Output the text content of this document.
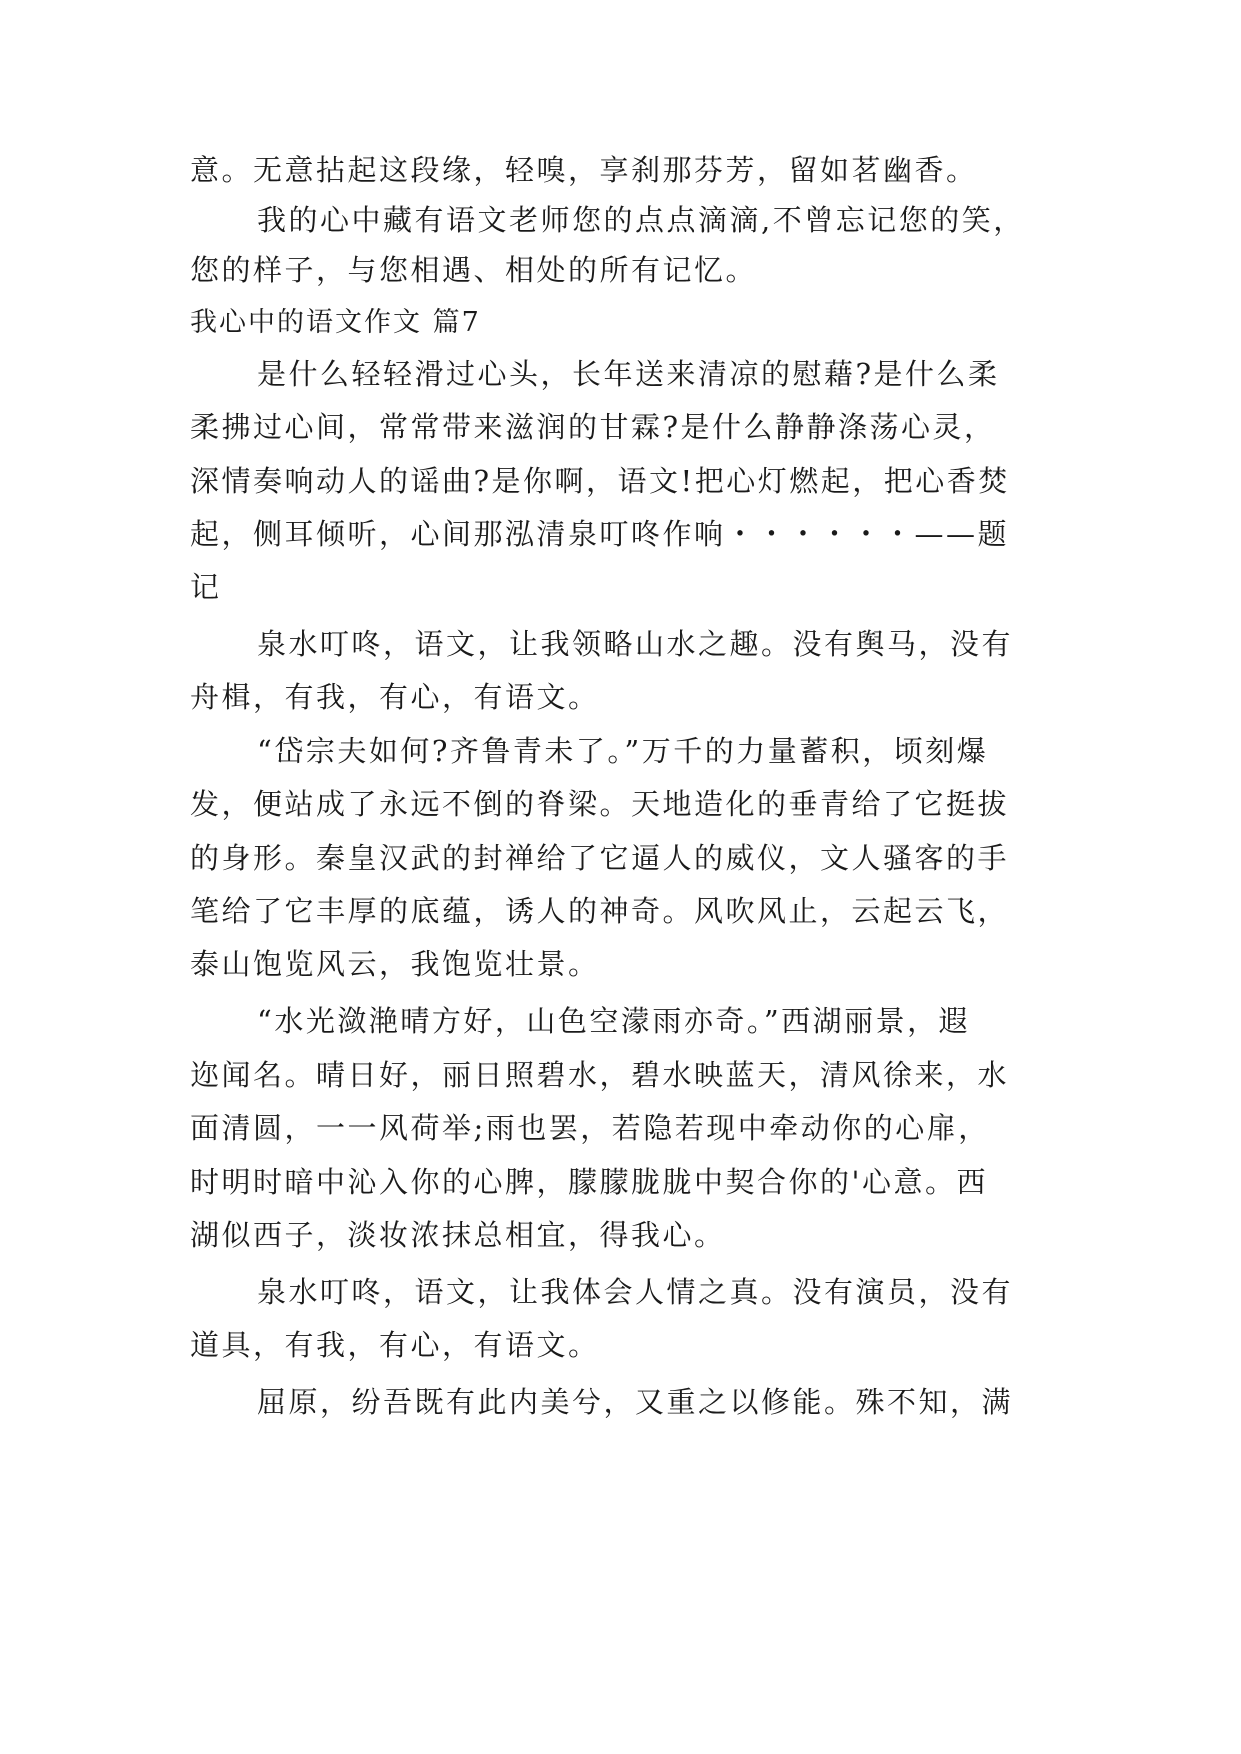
意。无意拈起这段缘，轻嗅，享刹那芬芳，留如茗幽香。
我的心中藏有语文老师您的点点滴滴,不曾忘记您的笑，
您的样子，与您相遇、相处的所有记忆。
我心中的语文作文 篇7
是什么轻轻滑过心头，长年送来清凉的慰藉?是什么柔
柔拂过心间，常常带来滋润的甘霖?是什么静静涤荡心灵，
深情奏响动人的谣曲?是你啊，语文!把心灯燃起，把心香焚
起，侧耳倾听，心间那泓清泉叮咚作响・・・・・・——题
记
泉水叮咚，语文，让我领略山水之趣。没有舆马，没有
舟楫，有我，有心，有语文。
“岱宗夫如何?齐鲁青未了。”万千的力量蓄积，顷刻爆
发，便站成了永远不倒的脊梁。天地造化的垂青给了它挺拔
的身形。秦皇汉武的封禅给了它逼人的威仪，文人骚客的手
笔给了它丰厚的底蕴，诱人的神奇。风吹风止，云起云飞，
泰山饱览风云，我饱览壮景。
“水光潋滟晴方好，山色空濛雨亦奇。”西湖丽景，遐
迩闻名。晴日好，丽日照碧水，碧水映蓝天，清风徐来，水
面清圆，一一风荷举;雨也罢，若隐若现中牵动你的心扉，
时明时暗中沁入你的心脾，朦朦胧胧中契合你的'心意。西
湖似西子，淡妆浓抹总相宜，得我心。
泉水叮咚，语文，让我体会人情之真。没有演员，没有
道具，有我，有心，有语文。
屈原，纷吾既有此内美兮，又重之以修能。殊不知，满
